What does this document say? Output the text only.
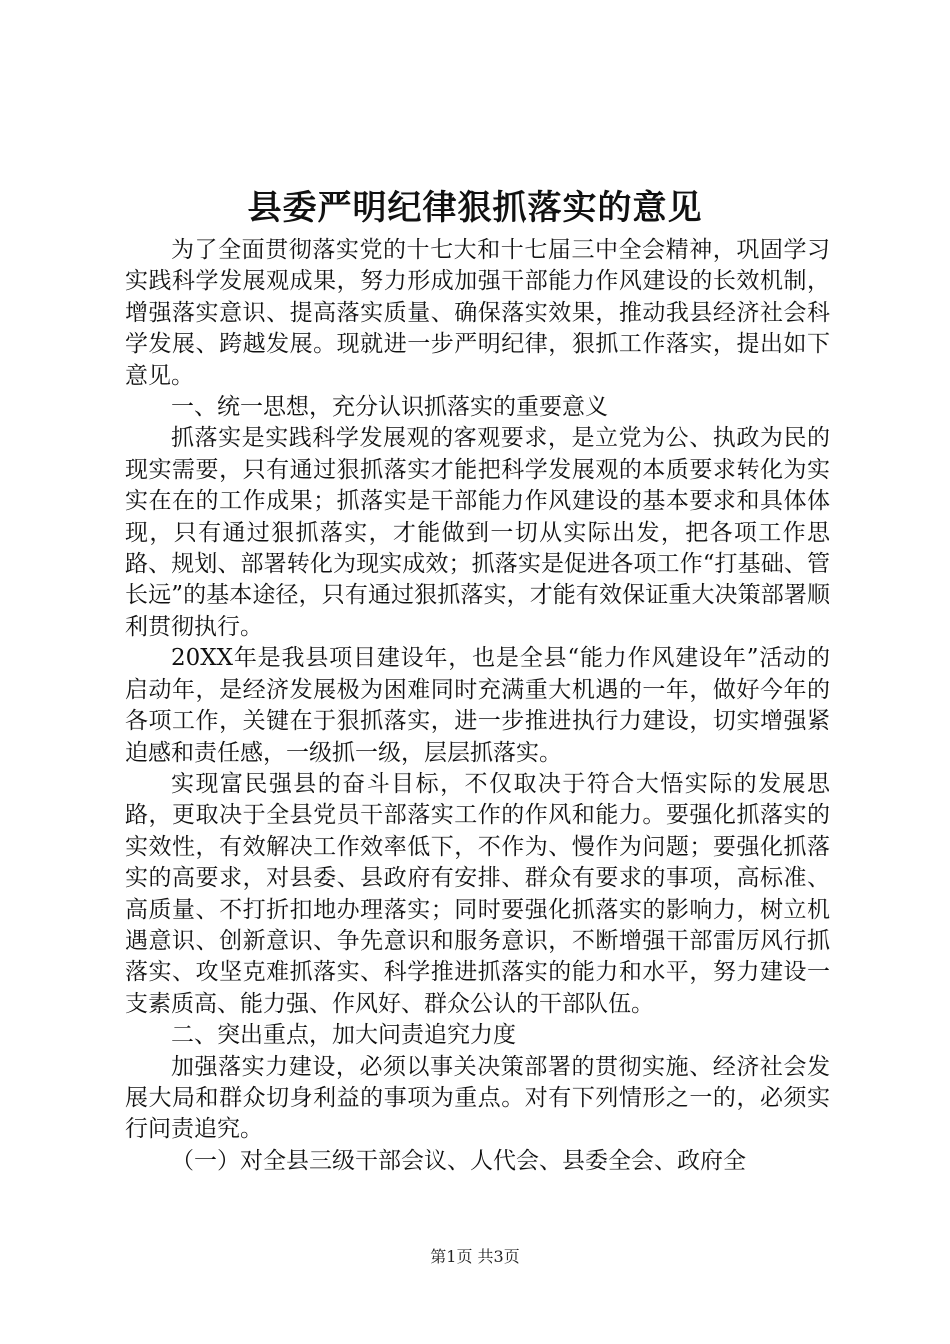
县委严明纪律狠抓落实的意见

为了全面贯彻落实党的十七大和十七届三中全会精神，巩固学习实践科学发展观成果，努力形成加强干部能力作风建设的长效机制，增强落实意识、提高落实质量、确保落实效果，推动我县经济社会科学发展、跨越发展。现就进一步严明纪律，狠抓工作落实，提出如下意见。

一、统一思想，充分认识抓落实的重要意义

抓落实是实践科学发展观的客观要求，是立党为公、执政为民的现实需要，只有通过狠抓落实才能把科学发展观的本质要求转化为实实在在的工作成果；抓落实是干部能力作风建设的基本要求和具体体现，只有通过狠抓落实，才能做到一切从实际出发，把各项工作思路、规划、部署转化为现实成效；抓落实是促进各项工作“打基础、管长远”的基本途径，只有通过狠抓落实，才能有效保证重大决策部署顺利贯彻执行。

20XX年是我县项目建设年，也是全县“能力作风建设年”活动的启动年，是经济发展极为困难同时充满重大机遇的一年，做好今年的各项工作，关键在于狠抓落实，进一步推进执行力建设，切实增强紧迫感和责任感，一级抓一级，层层抓落实。

实现富民强县的奋斗目标，不仅取决于符合大悟实际的发展思路，更取决于全县党员干部落实工作的作风和能力。要强化抓落实的实效性，有效解决工作效率低下，不作为、慢作为问题；要强化抓落实的高要求，对县委、县政府有安排、群众有要求的事项，高标准、高质量、不打折扣地办理落实；同时要强化抓落实的影响力，树立机遇意识、创新意识、争先意识和服务意识，不断增强干部雷厉风行抓落实、攻坚克难抓落实、科学推进抓落实的能力和水平，努力建设一支素质高、能力强、作风好、群众公认的干部队伍。

二、突出重点，加大问责追究力度

加强落实力建设，必须以事关决策部署的贯彻实施、经济社会发展大局和群众切身利益的事项为重点。对有下列情形之一的，必须实行问责追究。

（一）对全县三级干部会议、人代会、县委全会、政府全

第1页 共3页
